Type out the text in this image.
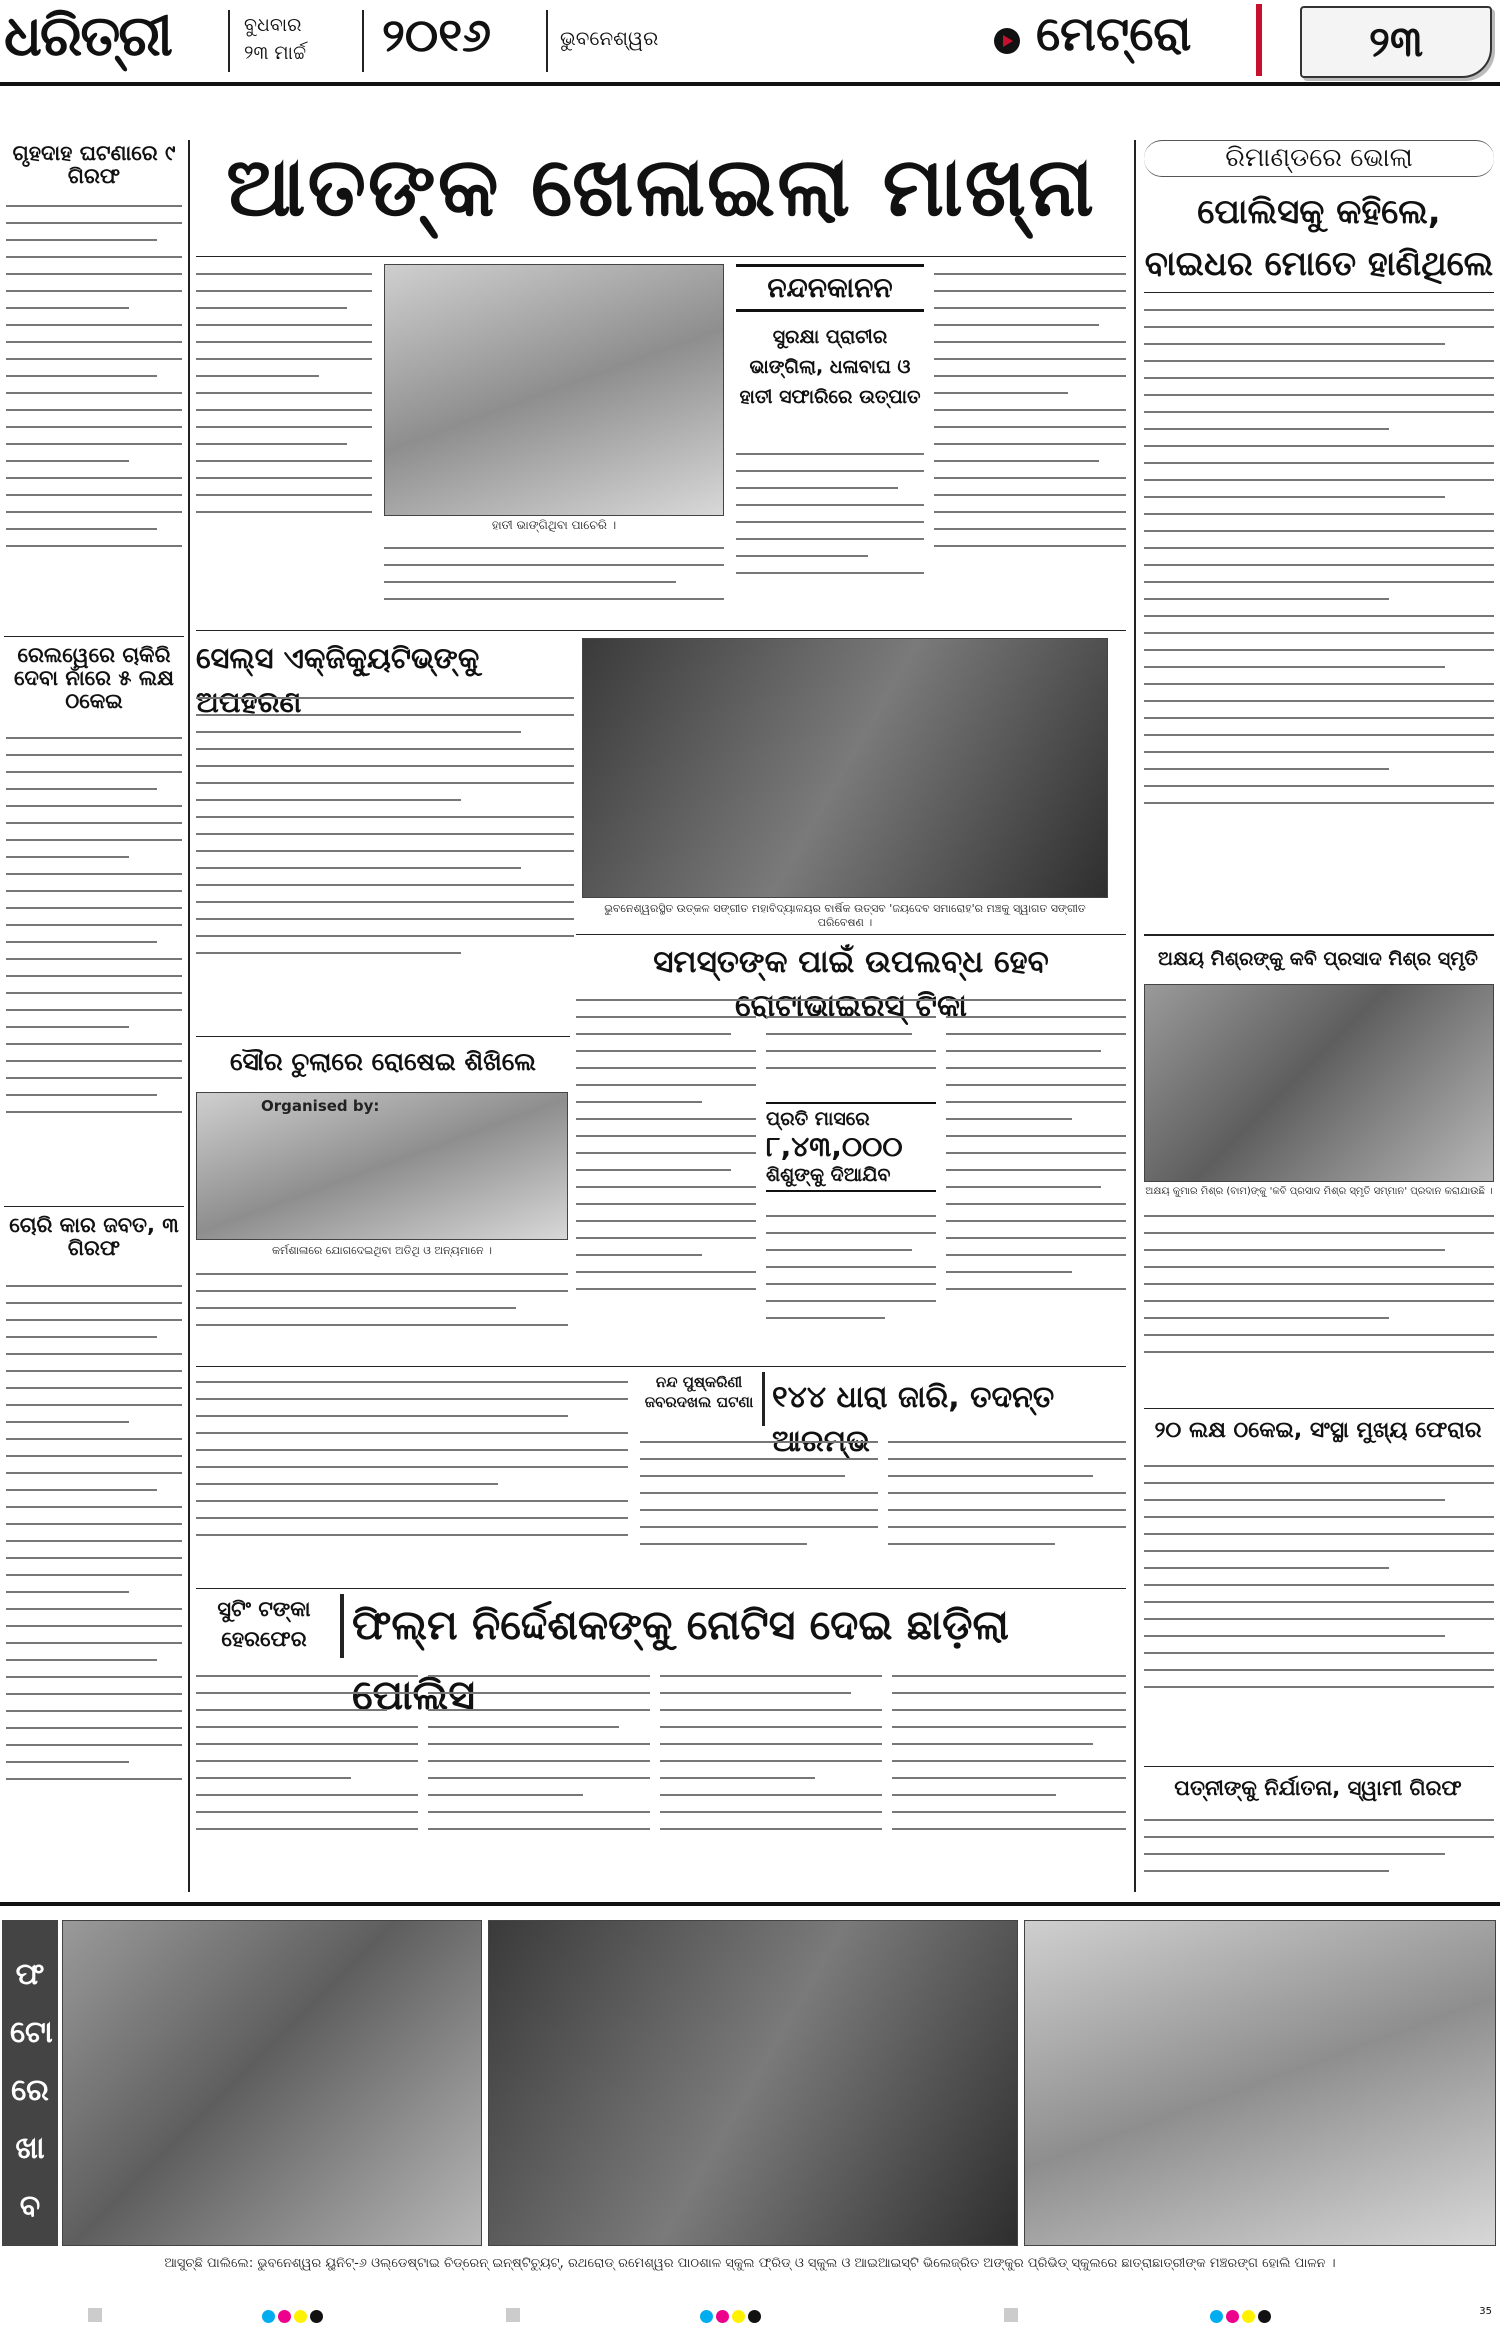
ଧରିତ୍ରୀ	ବୁଧବାର
୨୩ ମାର୍ଚ୍ଚ ୨୦୧୬	ଭୁବନେଶ୍ୱର	ମେଟ୍ରୋ	୨୩
ଗୃହଦାହ ଘଟଣାରେ ୯ ଗିରଫ
ରେଲୱେରେ ଚାକିରି ଦେବା ନାଁରେ ୫ ଲକ୍ଷ ଠକେଇ
ଚୋରି କାର ଜବତ, ୩ ଗିରଫ
ଆତଙ୍କ ଖେଳାଇଲା ମାଖ୍ନା
ହାତୀ ଭାଙ୍ଗିଥିବା ପାଚେରି ।
ନନ୍ଦନକାନନ
ସୁରକ୍ଷା ପ୍ରାଚୀର ଭାଙ୍ଗିଲା, ଧଳାବାଘ ଓ ହାତୀ ସଫାରିରେ ଉତ୍ପାତ
ରିମାଣ୍ଡରେ ଭୋଲା
ପୋଲିସକୁ କହିଲେ, ବାଇଧର ମୋତେ ହାଣିଥିଲେ
ସେଲ୍ସ ଏକ୍ଜିକ୍ୟୁଟିଭ୍ଙ୍କୁ ଅପହରଣ
ଭୁବନେଶ୍ୱରସ୍ଥିତ ଉତ୍କଳ ସଙ୍ଗୀତ ମହାବିଦ୍ୟାଳୟର ବାର୍ଷିକ ଉତ୍ସବ 'ଜୟଦେବ ସମାରୋହ'ର ମଞ୍ଚକୁ ସ୍ୱାଗତ ସଙ୍ଗୀତ ପରିବେଷଣ ।
ସମସ୍ତଙ୍କ ପାଇଁ ଉପଲବ୍ଧ ହେବ ରୋଟାଭାଇରସ୍ ଟିକା
ପ୍ରତି ମାସରେ
୮,୪୩,୦୦୦
ଶିଶୁଙ୍କୁ ଦିଆଯିବ
ସୌର ଚୁଲାରେ ରୋଷେଇ ଶିଖିଲେ
Organised by:
କର୍ମଶାଳାରେ ଯୋଗଦେଇଥିବା ଅତିଥି ଓ ଅନ୍ୟମାନେ ।
ଅକ୍ଷୟ ମିଶ୍ରଙ୍କୁ କବି ପ୍ରସାଦ ମିଶ୍ର ସ୍ମୃତି
ଅକ୍ଷୟ କୁମାର ମିଶ୍ର (ବାମ)ଙ୍କୁ 'କବି ପ୍ରସାଦ ମିଶ୍ର ସ୍ମୃତି ସମ୍ମାନ' ପ୍ରଦାନ କରାଯାଉଛି ।
ନନ୍ଦ ପୁଷ୍କରିଣୀ ଜବରଦଖଲ ଘଟଣା ୧୪୪ ଧାରା ଜାରି, ତଦନ୍ତ ଆରମ୍ଭ	୨୦ ଲକ୍ଷ ଠକେଇ, ସଂସ୍ଥା ମୁଖ୍ୟ ଫେରାର
ସୁଟିଂ ଟଙ୍କା ହେରଫେର	ଫିଲ୍ମ ନିର୍ଦ୍ଦେଶକଙ୍କୁ ନୋଟିସ ଦେଇ ଛାଡ଼ିଲା ପୋଲିସ
ପତ୍ନୀଙ୍କୁ ନିର୍ଯାତନା, ସ୍ୱାମୀ ଗିରଫ
ଫଟୋ ରେଖା ବର	ଆସୁଚ୍ଛି ପାଲିଲେ: ଭୁବନେଶ୍ୱର ୟୁନିଟ୍-୬ ଓଲ୍ଡେଷ୍ଟାଇ ଚିଡ୍ରେନ୍ ଇନ୍‌ଷ୍ଟିଚ୍ୟୁଟ୍, ରଥରୋଡ୍ ରମେଶ୍ୱର ପାଠଶାଳ ସ୍କୁଲ ଫ୍ରିଡ୍ ଓ ସ୍କୁଲ ଓ ଆଇଆଇସ୍ଟି ଭିଲେଜ୍‌ରିତ ଅଙ୍କୁର ପ୍ରିଭିଡ୍ ସ୍କୁଲରେ ଛାତ୍ରାଛାତ୍ରୀଙ୍କ ମଞ୍ଚରଙ୍ଗ ହୋଲି ପାଳନ ।
35
